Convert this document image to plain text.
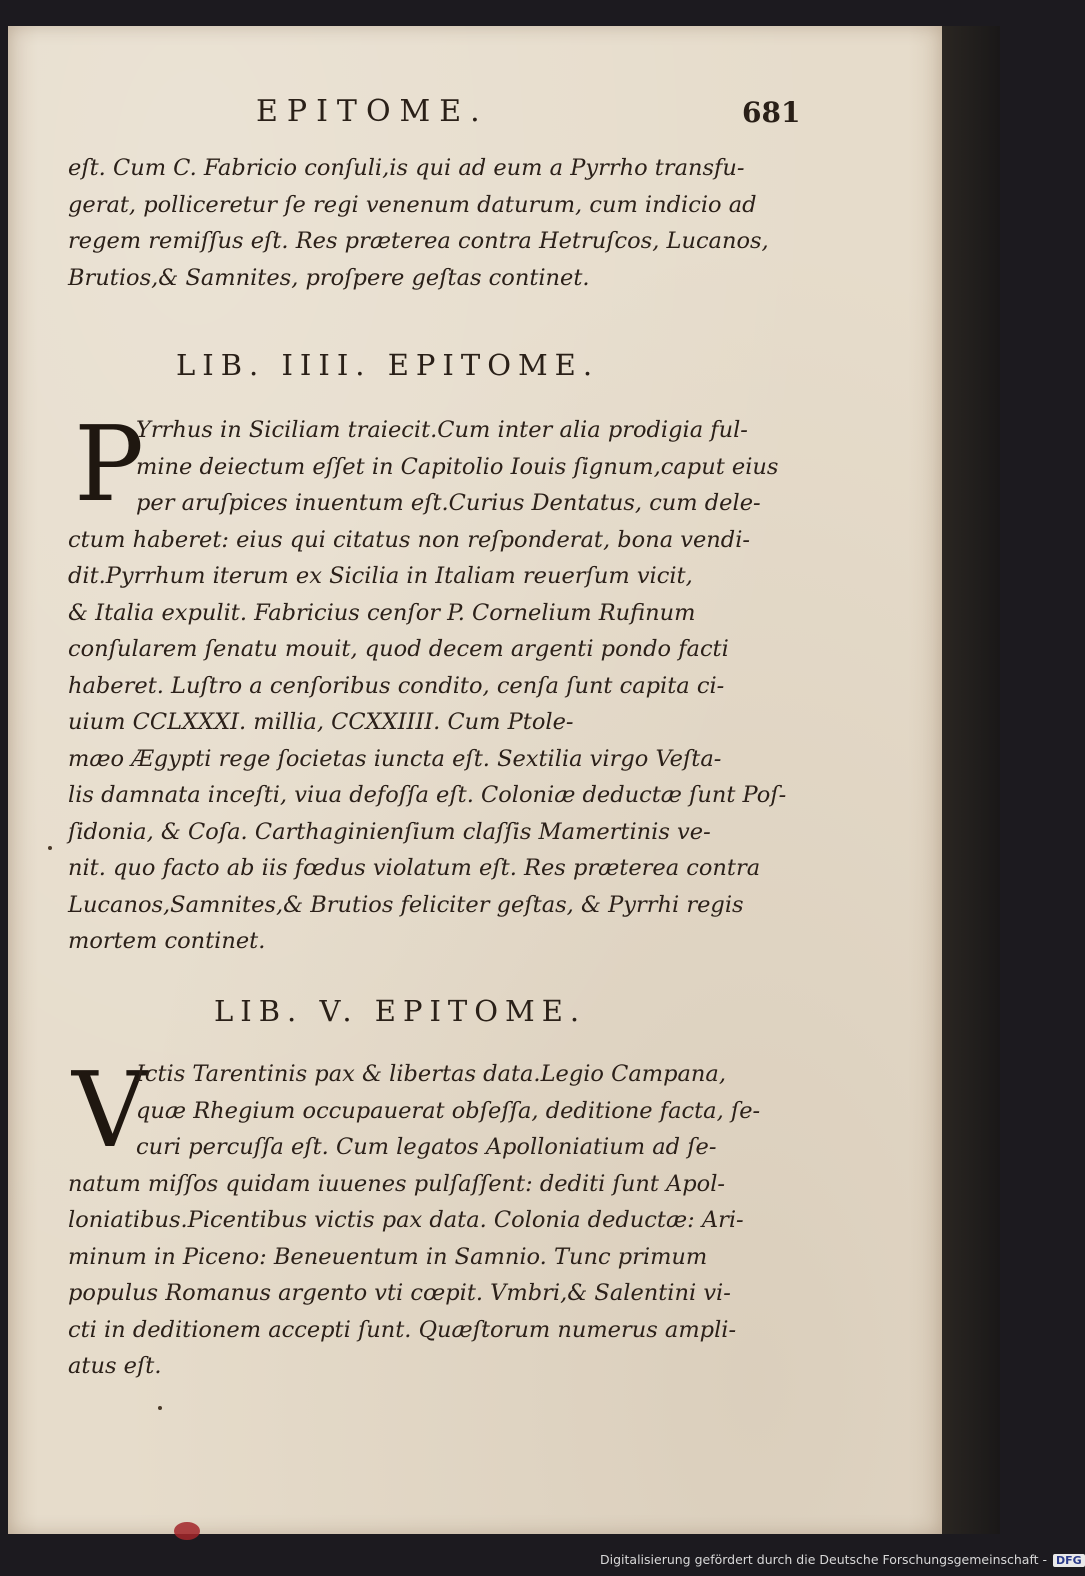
EPITOME.	681
eſt. Cum C. Fabricio conſuli,is qui ad eum a Pyrrho transfu-
gerat, polliceretur ſe regi venenum daturum, cum indicio ad
regem remiſſus eſt. Res præterea contra Hetruſcos, Lucanos,
Brutios,& Samnites, proſpere geſtas continet.
LIB. IIII. EPITOME.
P
Yrrhus in Siciliam traiecit.Cum inter alia prodigia ful-
mine deiectum eſſet in Capitolio Iouis ſignum,caput eius
per aruſpices inuentum eſt.Curius Dentatus, cum dele-
ctum haberet: eius qui citatus non reſponderat, bona vendi-
dit.Pyrrhum iterum ex Sicilia in Italiam reuerſum vicit,
& Italia expulit. Fabricius cenſor P. Cornelium Rufinum
conſularem ſenatu mouit, quod decem argenti pondo facti
haberet. Luſtro a cenſoribus condito, cenſa ſunt capita ci-
uium CCLXXXI. millia, CCXXIIII. Cum Ptole-
mæo Ægypti rege ſocietas iuncta eſt. Sextilia virgo Veſta-
lis damnata inceſti, viua defoſſa eſt. Coloniæ deductæ ſunt Poſ-
ſidonia, & Coſa. Carthaginienſium claſſis Mamertinis ve-
nit. quo facto ab iis fœdus violatum eſt. Res præterea contra
Lucanos,Samnites,& Brutios feliciter geſtas, & Pyrrhi regis
mortem continet.
LIB. V. EPITOME.
V
Ictis Tarentinis pax & libertas data.Legio Campana,
quæ Rhegium occupauerat obſeſſa, deditione facta, ſe-
curi percuſſa eſt. Cum legatos Apolloniatium ad ſe-
natum miſſos quidam iuuenes pulſaſſent: dediti ſunt Apol-
loniatibus.Picentibus victis pax data. Colonia deductæ: Ari-
minum in Piceno: Beneuentum in Samnio. Tunc primum
populus Romanus argento vti cœpit. Vmbri,& Salentini vi-
cti in deditionem accepti ſunt. Quæſtorum numerus ampli-
atus eſt.
Digitalisierung gefördert durch die Deutsche Forschungsgemeinschaft - DFG
